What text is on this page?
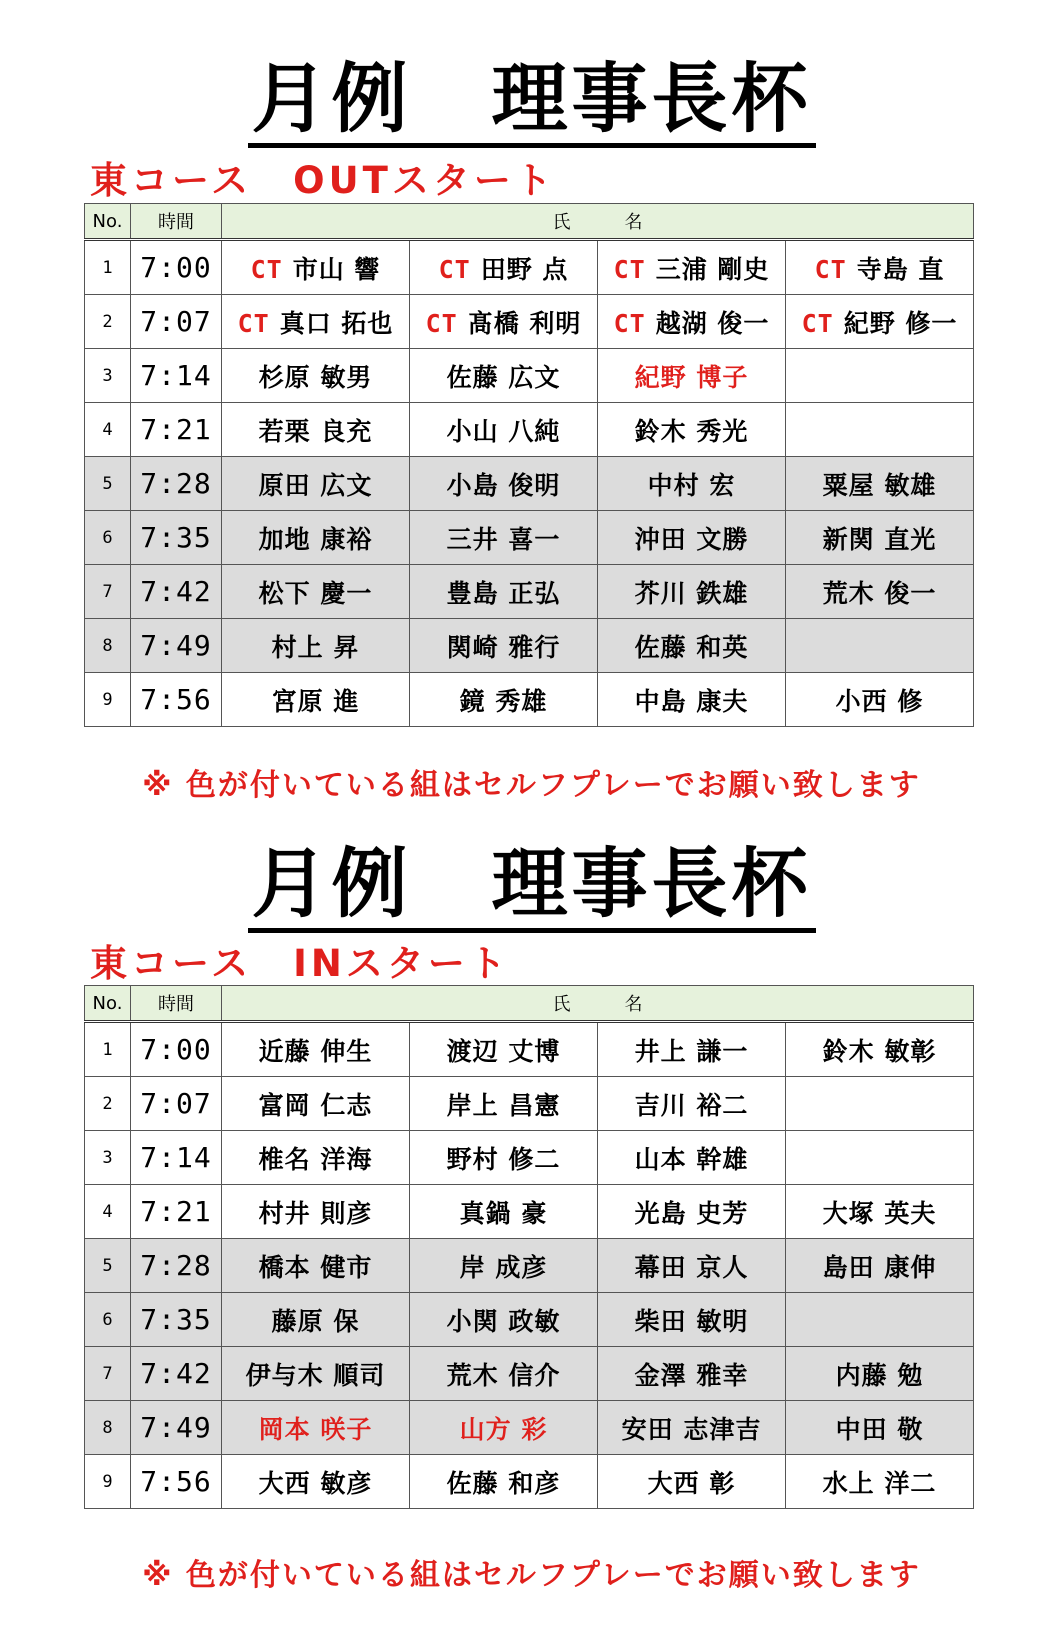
月例　理事長杯
東コース　OUTスタート
No.	時間	氏　　　名			
1	7:00	CT 市山 響	CT 田野 点	CT 三浦 剛史	CT 寺島 直
2	7:07	CT 真口 拓也	CT 髙橋 利明	CT 越湖 俊一	CT 紀野 修一
3	7:14	杉原 敏男	佐藤 広文	紀野 博子	
4	7:21	若栗 良充	小山 八純	鈴木 秀光	
5	7:28	原田 広文	小島 俊明	中村 宏	粟屋 敏雄
6	7:35	加地 康裕	三井 喜一	沖田 文勝	新関 直光
7	7:42	松下 慶一	豊島 正弘	芥川 鉄雄	荒木 俊一
8	7:49	村上 昇	関崎 雅行	佐藤 和英	
9	7:56	宮原 進	鏡 秀雄	中島 康夫	小西 修
※ 色が付いている組はセルフプレーでお願い致します
月例　理事長杯
東コース　INスタート
No.	時間	氏　　　名			
1	7:00	近藤 伸生	渡辺 丈博	井上 謙一	鈴木 敏彰
2	7:07	富岡 仁志	岸上 昌憲	吉川 裕二	
3	7:14	椎名 洋海	野村 修二	山本 幹雄	
4	7:21	村井 則彦	真鍋 豪	光島 史芳	大塚 英夫
5	7:28	橋本 健市	岸 成彦	幕田 京人	島田 康伸
6	7:35	藤原 保	小関 政敏	柴田 敏明	
7	7:42	伊与木 順司	荒木 信介	金澤 雅幸	内藤 勉
8	7:49	岡本 咲子	山方 彩	安田 志津吉	中田 敬
9	7:56	大西 敏彦	佐藤 和彦	大西 彰	水上 洋二
※ 色が付いている組はセルフプレーでお願い致します
